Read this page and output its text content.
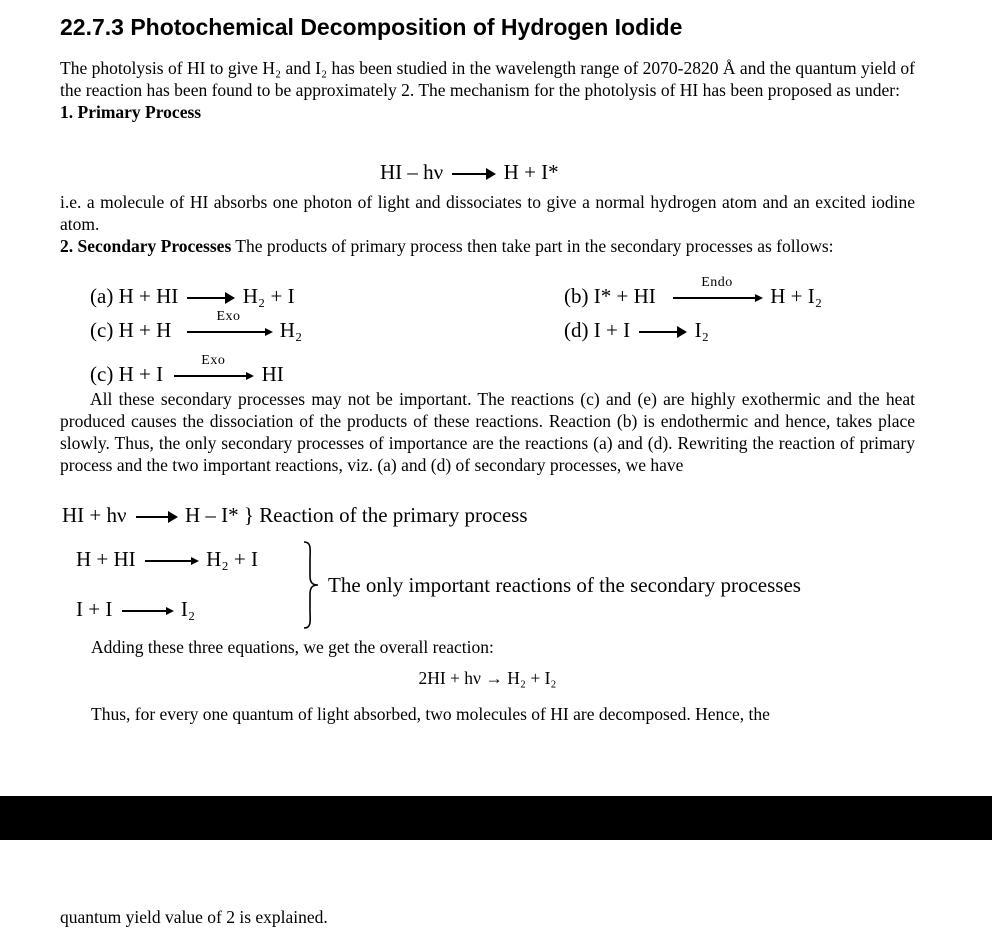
22.7.3 Photochemical Decomposition of Hydrogen Iodide

The photolysis of HI to give H₂ and I₂ has been studied in the wavelength range of 2070-2820 Å and the quantum yield of the reaction has been found to be approximately 2. The mechanism for the photolysis of HI has been proposed as under:

1. Primary Process

HI – hν	H + I*

i.e. a molecule of HI absorbs one photon of light and dissociates to give a normal hydrogen atom and an excited iodine atom.

2. Secondary Processes The products of primary process then take part in the secondary processes as follows:

(a) H + HI → H₂ + I	(b) I* + HI
Endo
H + I₂
(c) H + H
Exo
H₂	(d) I + I → I₂
(c) H + I
Exo
HI
All these secondary processes may not be important. The reactions (c) and (e) are highly exothermic and the heat produced causes the dissociation of the products of these reactions. Reaction (b) is endothermic and hence, takes place slowly. Thus, the only secondary processes of importance are the reactions (a) and (d). Rewriting the reaction of primary process and the two important reactions, viz. (a) and (d) of secondary processes, we have
HI + hν	H – I* } Reaction of the primary process
H + HI	H₂ + I
I + I	I₂
The only important reactions of the secondary processes
Adding these three equations, we get the overall reaction:
2HI + hν → H₂ + I₂
Thus, for every one quantum of light absorbed, two molecules of HI are decomposed. Hence, the
quantum yield value of 2 is explained.
